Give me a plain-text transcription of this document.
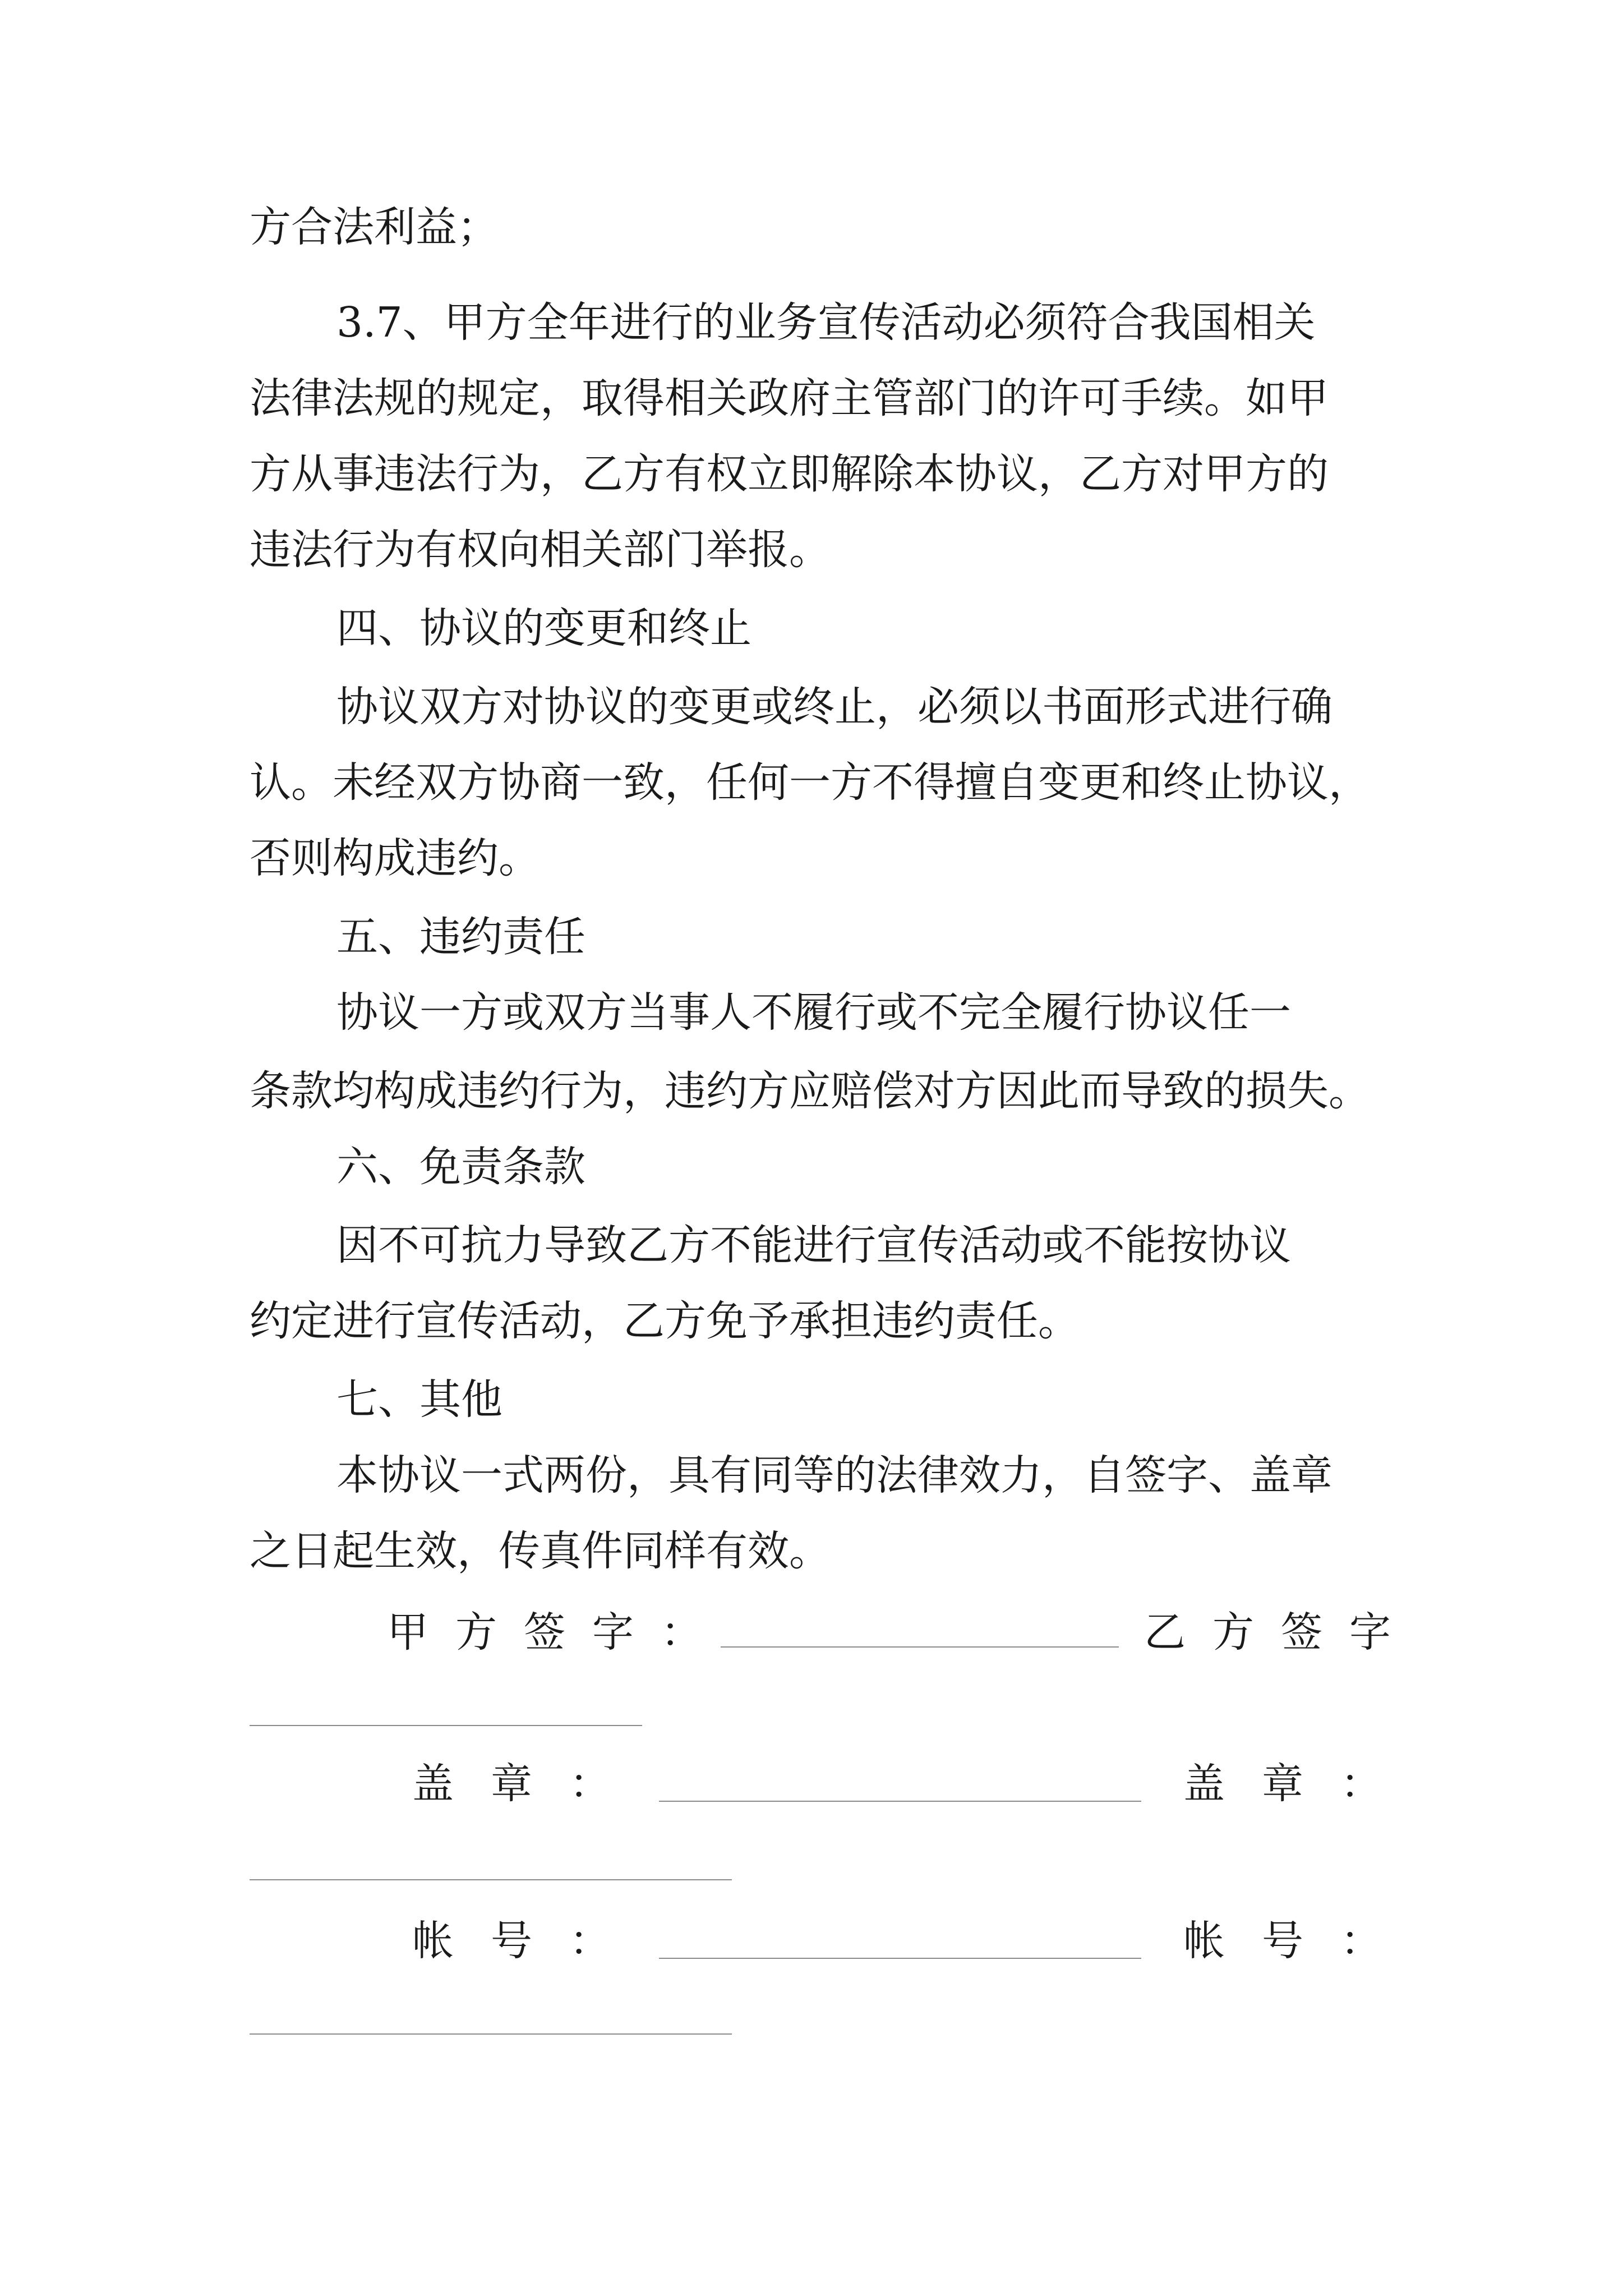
方合法利益；
3.7、甲方全年进行的业务宣传活动必须符合我国相关
法律法规的规定，取得相关政府主管部门的许可手续。如甲
方从事违法行为，乙方有权立即解除本协议，乙方对甲方的
违法行为有权向相关部门举报。
四、协议的变更和终止
协议双方对协议的变更或终止，必须以书面形式进行确
认。未经双方协商一致，任何一方不得擅自变更和终止协议，
否则构成违约。
五、违约责任
协议一方或双方当事人不履行或不完全履行协议任一
条款均构成违约行为，违约方应赔偿对方因此而导致的损失。
六、免责条款
因不可抗力导致乙方不能进行宣传活动或不能按协议
约定进行宣传活动，乙方免予承担违约责任。
七、其他
本协议一式两份，具有同等的法律效力，自签字、盖章
之日起生效，传真件同样有效。
甲方签字：	乙方签字
盖章：	盖章：
帐号：	帐号：
